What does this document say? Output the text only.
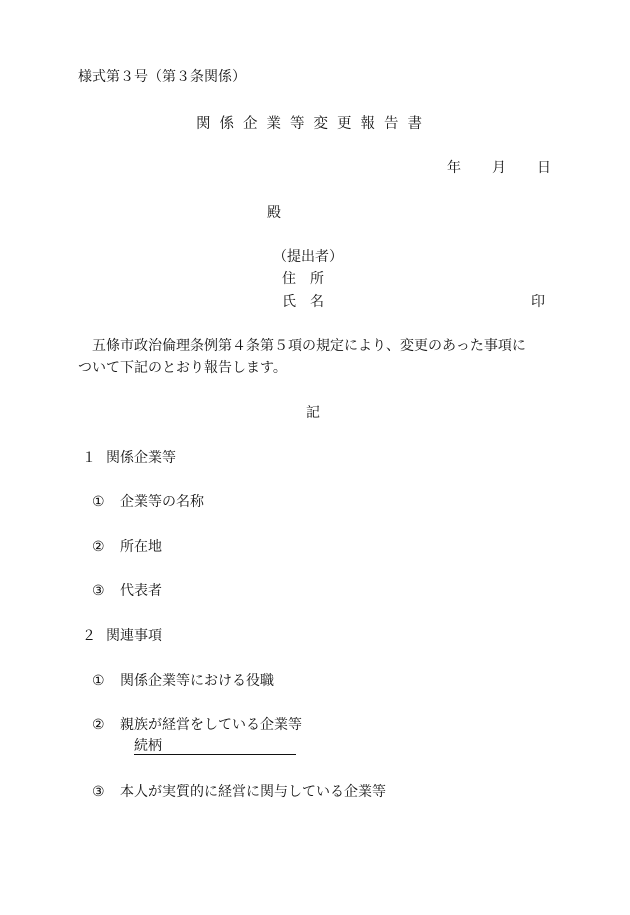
様式第３号（第３条関係）
関係企業等変更報告書
年 月 日
殿
（提出者）
住　所
氏　名	印
五條市政治倫理条例第４条第５項の規定により、変更のあった事項に
ついて下記のとおり報告します。
記
１ 関係企業等
① 企業等の名称
② 所在地
③ 代表者
２ 関連事項
① 関係企業等における役職
② 親族が経営をしている企業等
続柄
③ 本人が実質的に経営に関与している企業等
